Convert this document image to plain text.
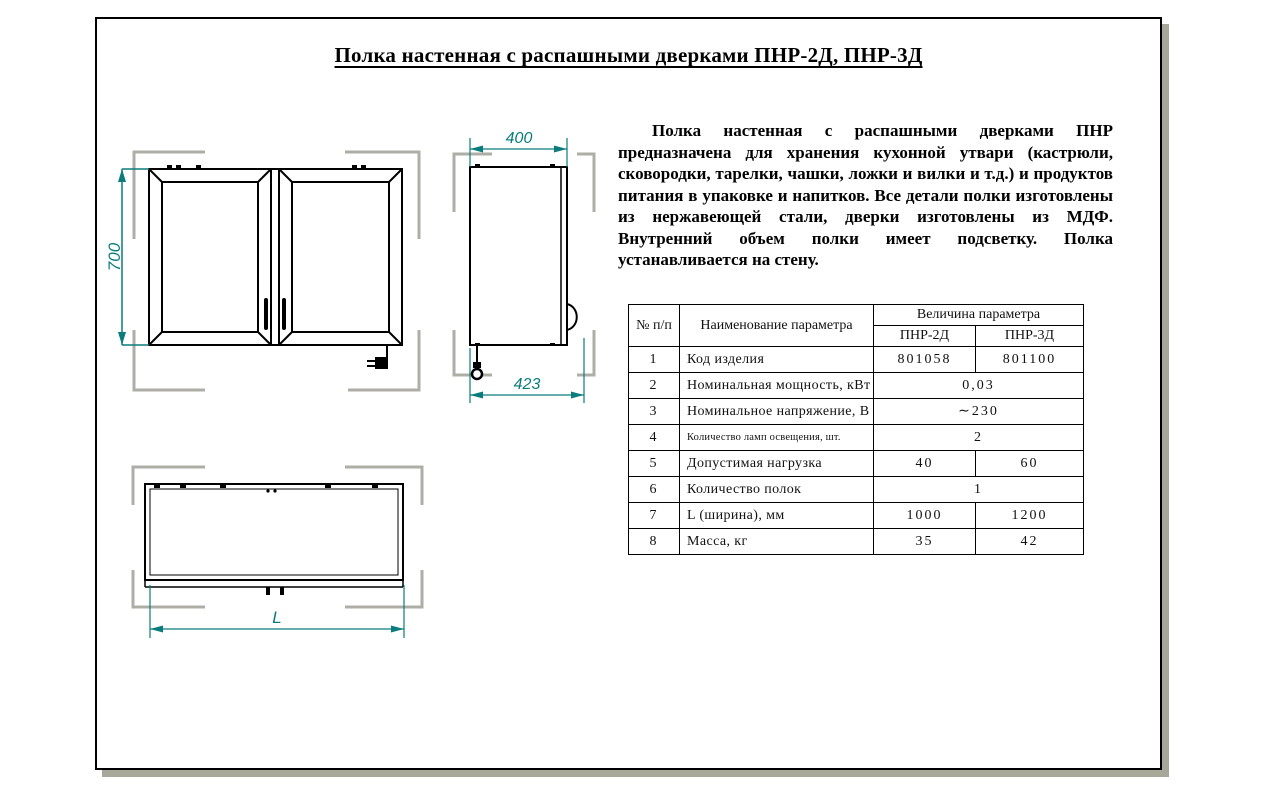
Полка настенная с распашными дверками ПНР-2Д, ПНР-3Д
700
400
423
L

Полка настенная с распашными дверками ПНР предназначена для хранения кухонной утвари (кастрюли, сковородки, тарелки, чашки, ложки и вилки и т.д.) и продуктов питания в упаковке и напитков. Все детали полки изготовлены из нержавеющей стали, дверки изготовлены из МДФ. Внутренний объем полки имеет подсветку. Полка устанавливается на стену.

№ п/п	Наименование параметра	Величина параметра	
		ПНР-2Д	ПНР-3Д
1	Код изделия	801058	801100
2	Номинальная мощность, кВт	0,03	
3	Номинальное напряжение, В	∼230	
4	Количество ламп освещения, шт.	2	
5	Допустимая нагрузка	40	60
6	Количество полок	1	
7	L (ширина), мм	1000	1200
8	Масса, кг	35	42
